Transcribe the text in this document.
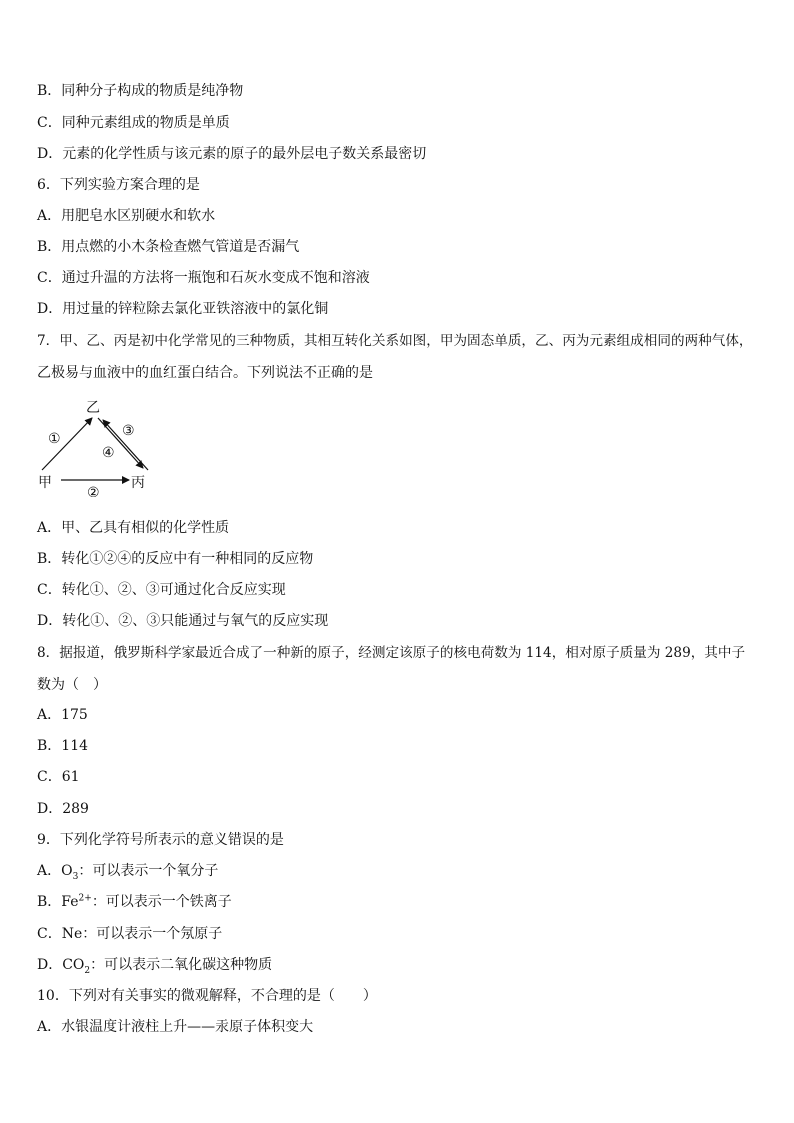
B．同种分子构成的物质是纯净物
C．同种元素组成的物质是单质
D．元素的化学性质与该元素的原子的最外层电子数关系最密切
6．下列实验方案合理的是
A．用肥皂水区别硬水和软水
B．用点燃的小木条检查燃气管道是否漏气
C．通过升温的方法将一瓶饱和石灰水变成不饱和溶液
D．用过量的锌粒除去氯化亚铁溶液中的氯化铜
7．甲、乙、丙是初中化学常见的三种物质，其相互转化关系如图，甲为固态单质，乙、丙为元素组成相同的两种气体，
乙极易与血液中的血红蛋白结合。下列说法不正确的是
乙
甲	丙
①
②
③
④
A．甲、乙具有相似的化学性质
B．转化①②④的反应中有一种相同的反应物
C．转化①、②、③可通过化合反应实现
D．转化①、②、③只能通过与氧气的反应实现
8．据报道，俄罗斯科学家最近合成了一种新的原子，经测定该原子的核电荷数为 114，相对原子质量为 289，其中子
数为（　）
A．175
B．114
C．61
D．289
9．下列化学符号所表示的意义错误的是
A．$O_3$：可以表示一个氧分子
B．$Fe^{2+}$：可以表示一个铁离子
C．Ne：可以表示一个氖原子
D．$CO_2$：可以表示二氧化碳这种物质
10．下列对有关事实的微观解释，不合理的是（　　）
A．水银温度计液柱上升——汞原子体积变大
